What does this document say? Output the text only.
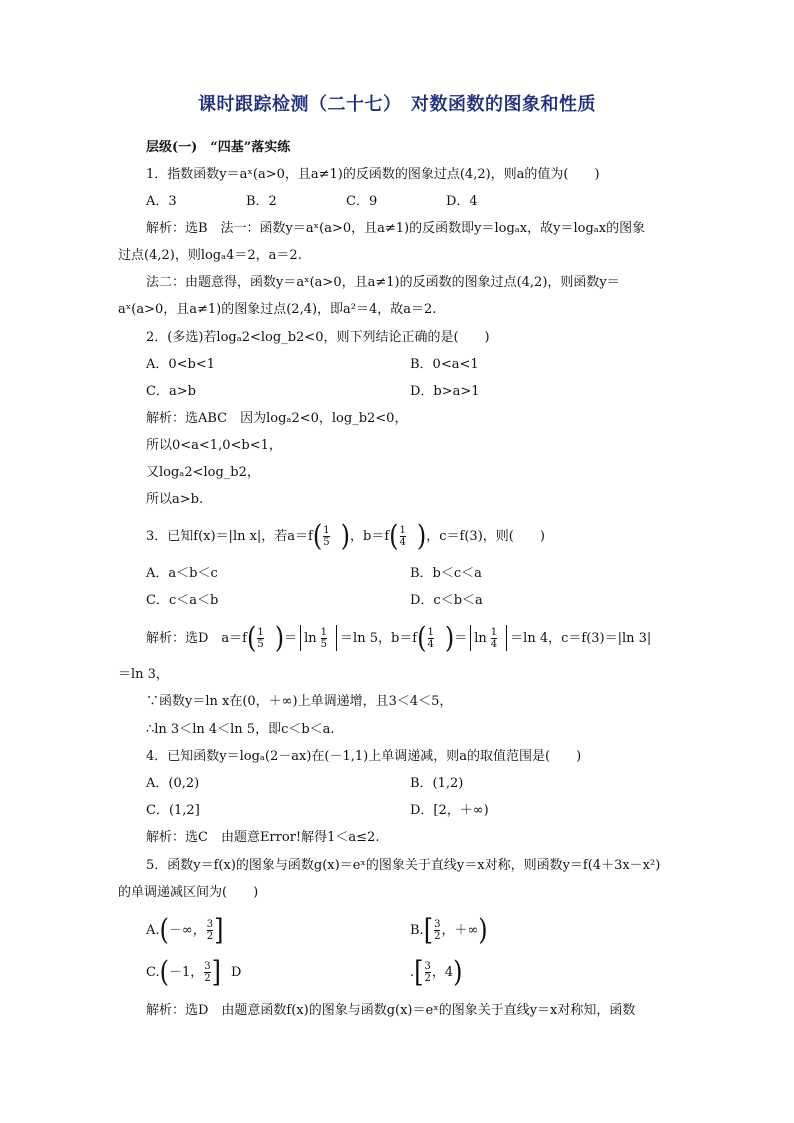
课时跟踪检测（二十七）　对数函数的图象和性质
层级(一)　“四基”落实练
1．指数函数y＝aˣ(a>0，且a≠1)的反函数的图象过点(4,2)，则a的值为(　　)
A．3	B．2	C．9	D．4
解析：选B　法一：函数y＝aˣ(a>0，且a≠1)的反函数即y＝logₐx，故y＝logₐx的图象
过点(4,2)，则logₐ4＝2，a＝2.
法二：由题意得，函数y＝aˣ(a>0，且a≠1)的反函数的图象过点(4,2)，则函数y＝
aˣ(a>0，且a≠1)的图象过点(2,4)，即a²＝4，故a＝2.
2．(多选)若logₐ2<log_b2<0，则下列结论正确的是(　　)
A．0<b<1	B．0<a<1
C．a>b	D．b>a>1
解析：选ABC　因为logₐ2<0，log_b2<0，
所以0<a<1,0<b<1，
又logₐ2<log_b2，
所以a>b.
3．已知f(x)＝|ln x|，若a＝f ( $\frac{1}{5}$ ) ，b＝f ( $\frac{1}{4}$ ) ，c＝f(3)，则(　　)
A．a＜b＜c	B．b＜c＜a
C．c＜a＜b	D．c＜b＜a
解析：选D　a＝f ( $\frac{1}{5}$ ) ＝ $\ln \frac{1}{5} =\ln$ 5，b＝f ( $\frac{1}{4}$ ) ＝ $\ln \frac{1}{4} =\ln$ 4，c＝f(3)＝|ln 3|
＝ln 3，
∵函数y＝ln x在(0，＋∞)上单调递增，且3＜4＜5，
∴ln 3＜ln 4＜ln 5，即c＜b＜a.
4．已知函数y＝logₐ(2－ax)在(－1,1)上单调递减，则a的取值范围是(　　)
A．(0,2)	B．(1,2)
C．(1,2]	D．[2，＋∞)
解析：选C　由题意Error!解得1＜a≤2.
5．函数y＝f(x)的图象与函数g(x)＝eˣ的图象关于直线y＝x对称，则函数y＝f(4＋3x－x²)
的单调递减区间为(　　)
A. ( －∞， $\frac{3}{2}$ ]	B. [ $\frac{3}{2}$ ，＋∞ )
C. ( －1， $\frac{3}{2}$ ] D	. [ $\frac{3}{2}$ ，4 )
解析：选D　由题意函数f(x)的图象与函数g(x)＝eˣ的图象关于直线y＝x对称知，函数
